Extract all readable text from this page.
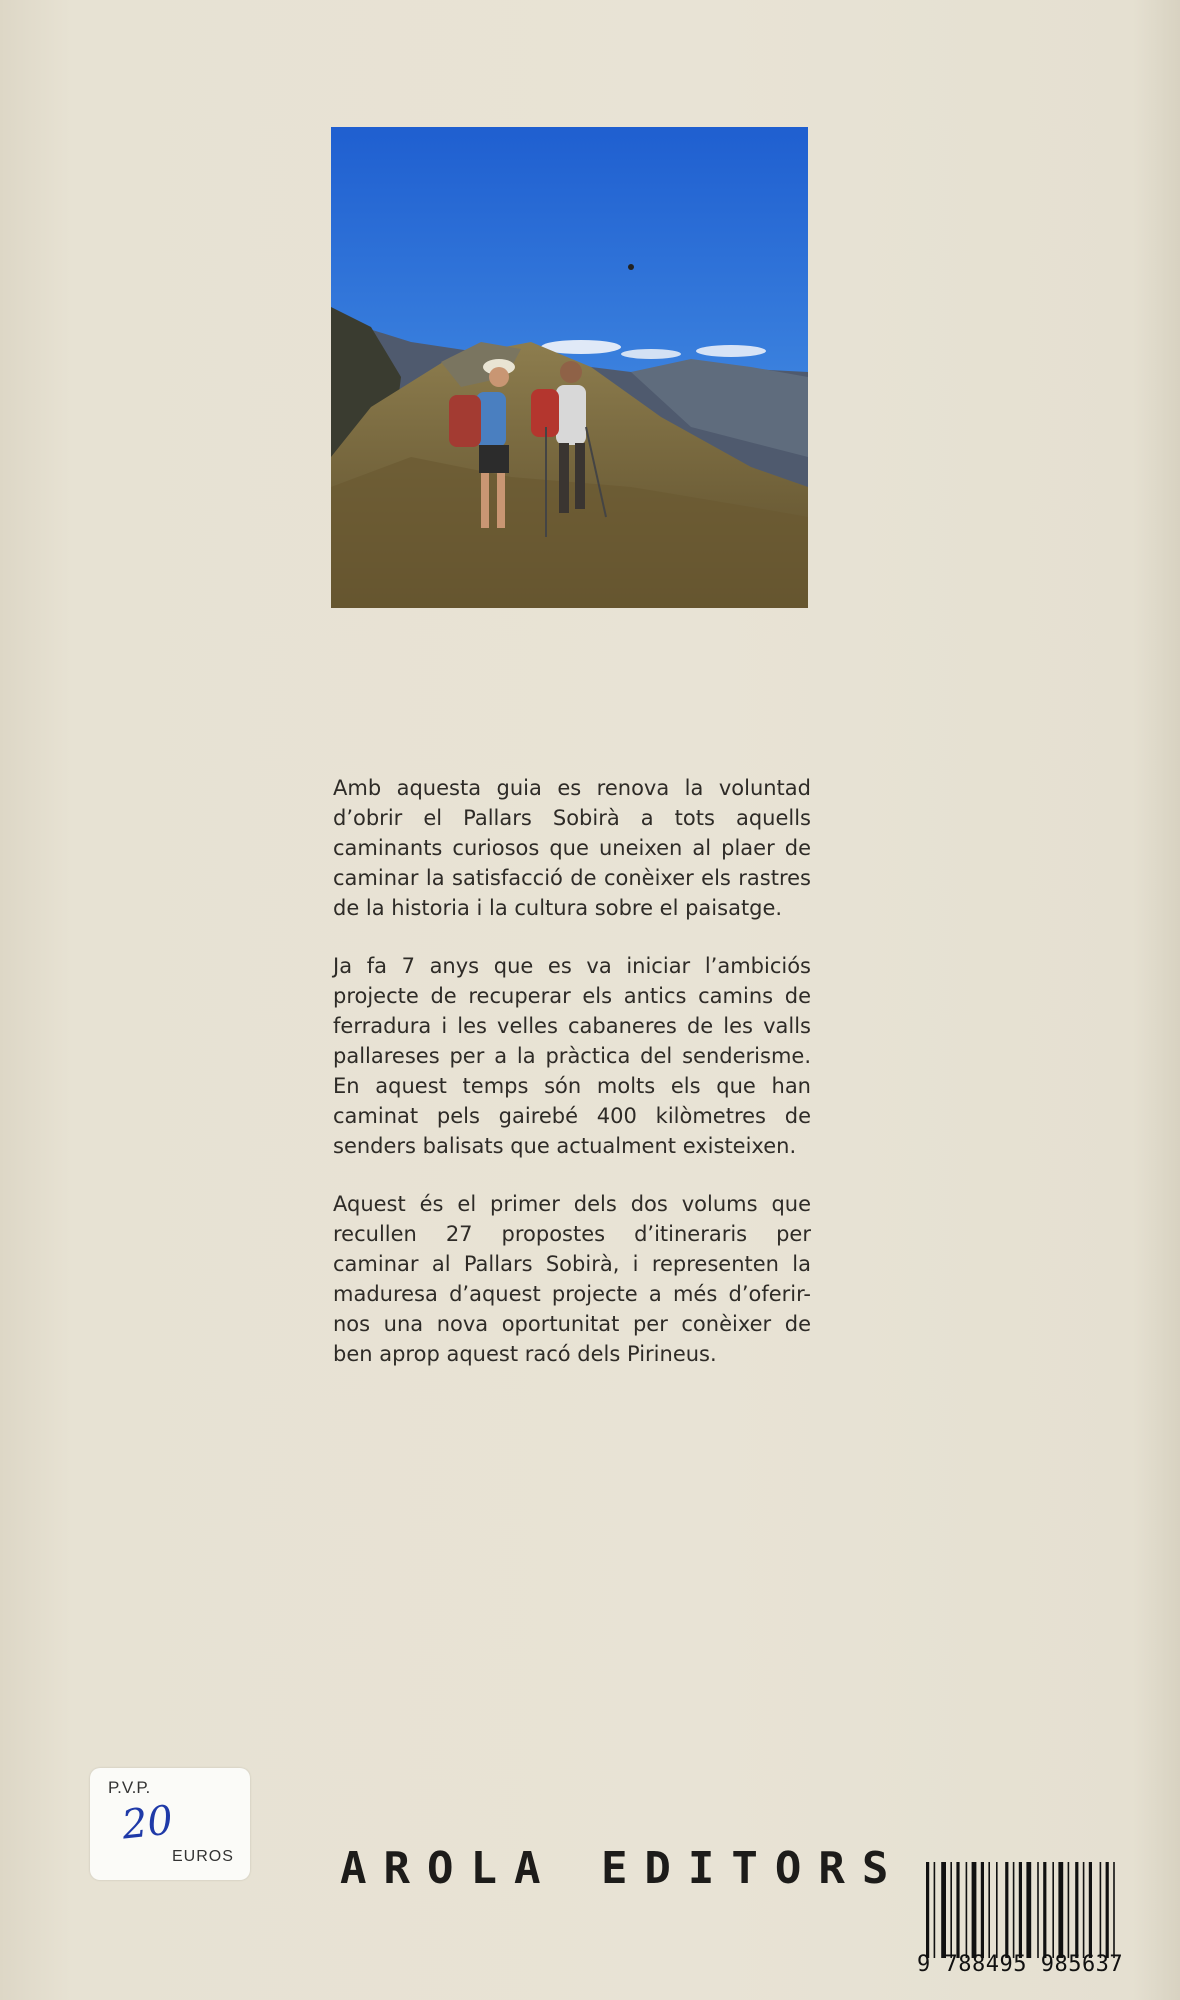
Amb aquesta guia es renova la voluntad d’obrir el Pallars Sobirà a tots aquells caminants curiosos que uneixen al plaer de caminar la satisfacció de conèixer els rastres de la historia i la cultura sobre el paisatge.

Ja fa 7 anys que es va iniciar l’ambiciós projecte de recuperar els antics camins de ferradura i les velles cabaneres de les valls pallareses per a la pràctica del senderisme. En aquest temps són molts els que han caminat pels gairebé 400 kilòmetres de senders balisats que actualment existeixen.

Aquest és el primer dels dos volums que recullen 27 propostes d’itineraris per caminar al Pallars Sobirà, i representen la maduresa d’aquest projecte a més d’oferir-nos una nova oportunitat per conèixer de ben aprop aquest racó dels Pirineus.

P.V.P.
20
EUROS AROLA EDITORS
9 788495 985637
